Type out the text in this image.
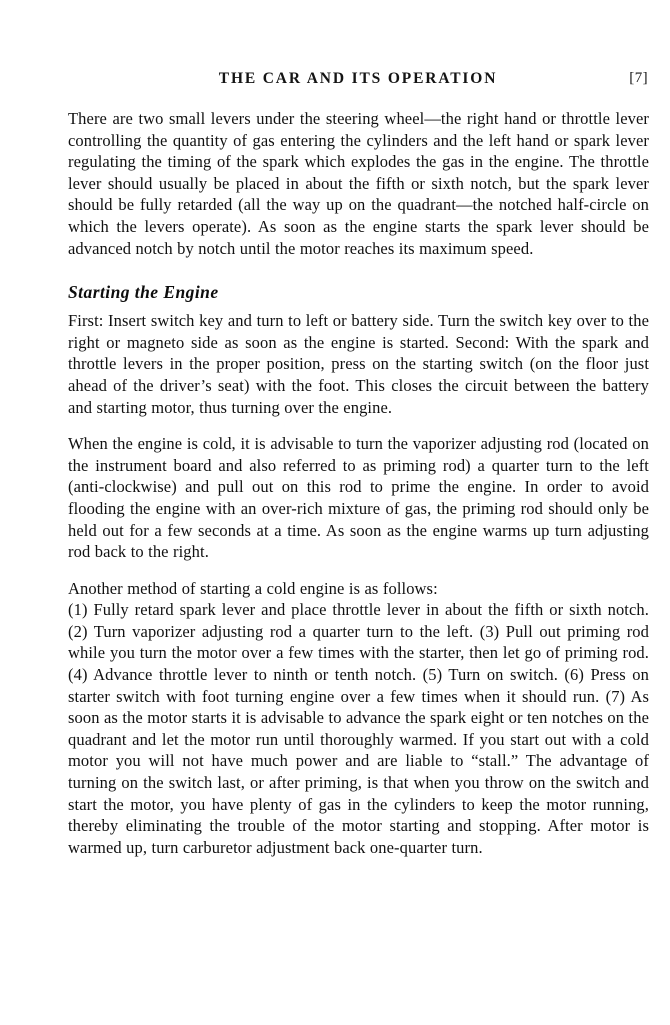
THE CAR AND ITS OPERATION	[7]

There are two small levers under the steering wheel—the right hand or throttle lever controlling the quantity of gas entering the cylinders and the left hand or spark lever regulating the timing of the spark which explodes the gas in the engine. The throttle lever should usually be placed in about the fifth or sixth notch, but the spark lever should be fully retarded (all the way up on the quadrant—the notched half-circle on which the levers operate). As soon as the engine starts the spark lever should be advanced notch by notch until the motor reaches its maximum speed.

Starting the Engine

First: Insert switch key and turn to left or battery side. Turn the switch key over to the right or magneto side as soon as the engine is started. Second: With the spark and throttle levers in the proper position, press on the starting switch (on the floor just ahead of the driver’s seat) with the foot. This closes the circuit between the battery and starting motor, thus turning over the engine.

When the engine is cold, it is advisable to turn the vaporizer adjusting rod (located on the instrument board and also referred to as priming rod) a quarter turn to the left (anti-clockwise) and pull out on this rod to prime the engine. In order to avoid flooding the engine with an over-rich mixture of gas, the priming rod should only be held out for a few seconds at a time. As soon as the engine warms up turn adjusting rod back to the right.

Another method of starting a cold engine is as follows:

(1) Fully retard spark lever and place throttle lever in about the fifth or sixth notch. (2) Turn vaporizer adjusting rod a quarter turn to the left. (3) Pull out priming rod while you turn the motor over a few times with the starter, then let go of priming rod. (4) Advance throttle lever to ninth or tenth notch. (5) Turn on switch. (6) Press on starter switch with foot turning engine over a few times when it should run. (7) As soon as the motor starts it is advisable to advance the spark eight or ten notches on the quadrant and let the motor run until thoroughly warmed. If you start out with a cold motor you will not have much power and are liable to “stall.” The advantage of turning on the switch last, or after priming, is that when you throw on the switch and start the motor, you have plenty of gas in the cylinders to keep the motor running, thereby eliminating the trouble of the motor starting and stopping. After motor is warmed up, turn carburetor adjustment back one-quarter turn.
